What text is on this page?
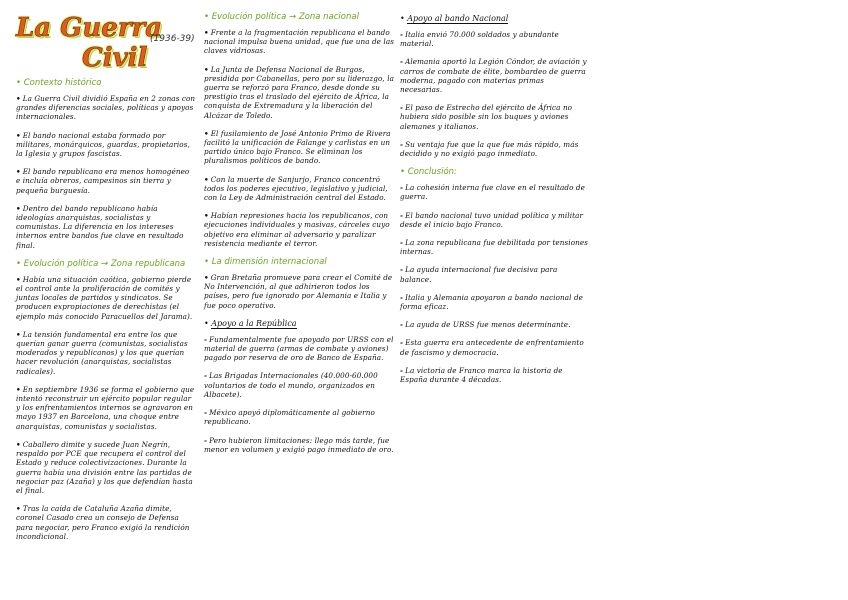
La Guerra
Civil
(1936-39)
• Contexto histórico
• La Guerra Civil dividió España en 2 zonas con grandes diferencias sociales, políticas y apoyos internacionales.
• El bando nacional estaba formado por militares, monárquicos, guardas, propietarios, la Iglesia y grupos fascistas.
• El bando republicano era menos homogéneo e incluía obreros, campesinos sin tierra y pequeña burguesía.
• Dentro del bando republicano había ideologías anarquistas, socialistas y comunistas. La diferencia en los intereses internos entre bandos fue clave en resultado final.
• Evolución política → Zona republicana
• Había una situación caótica, gobierno pierde el control ante la proliferación de comités y juntas locales de partidos y sindicatos. Se producen expropiaciones de derechistas (el ejemplo más conocido Paracuellos del Jarama).
• La tensión fundamental era entre los que querían ganar guerra (comunistas, socialistas moderados y republicanos) y los que querían hacer revolución (anarquistas, socialistas radicales).
• En septiembre 1936 se forma el gobierno que intentó reconstruir un ejército popular regular y los enfrentamientos internos se agravaron en mayo 1937 en Barcelona, una choque entre anarquistas, comunistas y socialistas.
• Caballero dimite y sucede Juan Negrín, respaldo por PCE que recupera el control del Estado y reduce colectivizaciones. Durante la guerra había una división entre las partidas de negociar paz (Azaña) y los que defendían hasta el final.
• Tras la caída de Cataluña Azaña dimite, coronel Casado crea un consejo de Defensa para negociar, pero Franco exigió la rendición incondicional.
• Evolución política → Zona nacional
• Frente a la fragmentación republicana el bando nacional impulsa buena unidad, que fue una de las claves vidriosas.
• La Junta de Defensa Nacional de Burgos, presidida por Cabanellas, pero por su liderazgo, la guerra se reforzó para Franco, desde donde su prestigio tras el traslado del ejército de África, la conquista de Extremadura y la liberación del Alcázar de Toledo.
• El fusilamiento de José Antonio Primo de Rivera facilitó la unificación de Falange y carlistas en un partido único bajo Franco. Se eliminan los pluralismos políticos de bando.
• Con la muerte de Sanjurjo, Franco concentró todos los poderes ejecutivo, legislativo y judicial, con la Ley de Administración central del Estado.
• Habían represiones hacia los republicanos, con ejecuciones individuales y masivas, cárceles cuyo objetivo era eliminar al adversario y paralizar resistencia mediante el terror.
• La dimensión internacional
• Gran Bretaña promueve para crear el Comité de No Intervención, al que adhirieron todos los países, pero fue ignorado por Alemania e Italia y fue poco operativo.
• Apoyo a la República
- Fundamentalmente fue apoyado por URSS con el material de guerra (armas de combate y aviones) pagado por reserva de oro de Banco de España.
- Las Brigadas Internacionales (40.000-60.000 voluntarios de todo el mundo, organizados en Albacete).
- México apoyó diplomáticamente al gobierno republicano.
- Pero hubieron limitaciones: llego más tarde, fue menor en volumen y exigió pago inmediato de oro.
• Apoyo al bando Nacional
- Italia envió 70.000 soldados y abundante material.
- Alemania aportó la Legión Cóndor, de aviación y carros de combate de élite, bombardeo de guerra moderna, pagado con materias primas necesarias.
- El paso de Estrecho del ejército de África no hubiera sido posible sin los buques y aviones alemanes y italianos.
- Su ventaja fue que la que fue más rápido, más decidido y no exigió pago inmediato.
• Conclusión:
- La cohesión interna fue clave en el resultado de guerra.
- El bando nacional tuvo unidad política y militar desde el inicio bajo Franco.
- La zona republicana fue debilitada por tensiones internas.
- La ayuda internacional fue decisiva para balance.
- Italia y Alemania apoyaron a bando nacional de forma eficaz.
- La ayuda de URSS fue menos determinante.
- Esta guerra era antecedente de enfrentamiento de fascismo y democracia.
- La victoria de Franco marca la historia de España durante 4 décadas.
